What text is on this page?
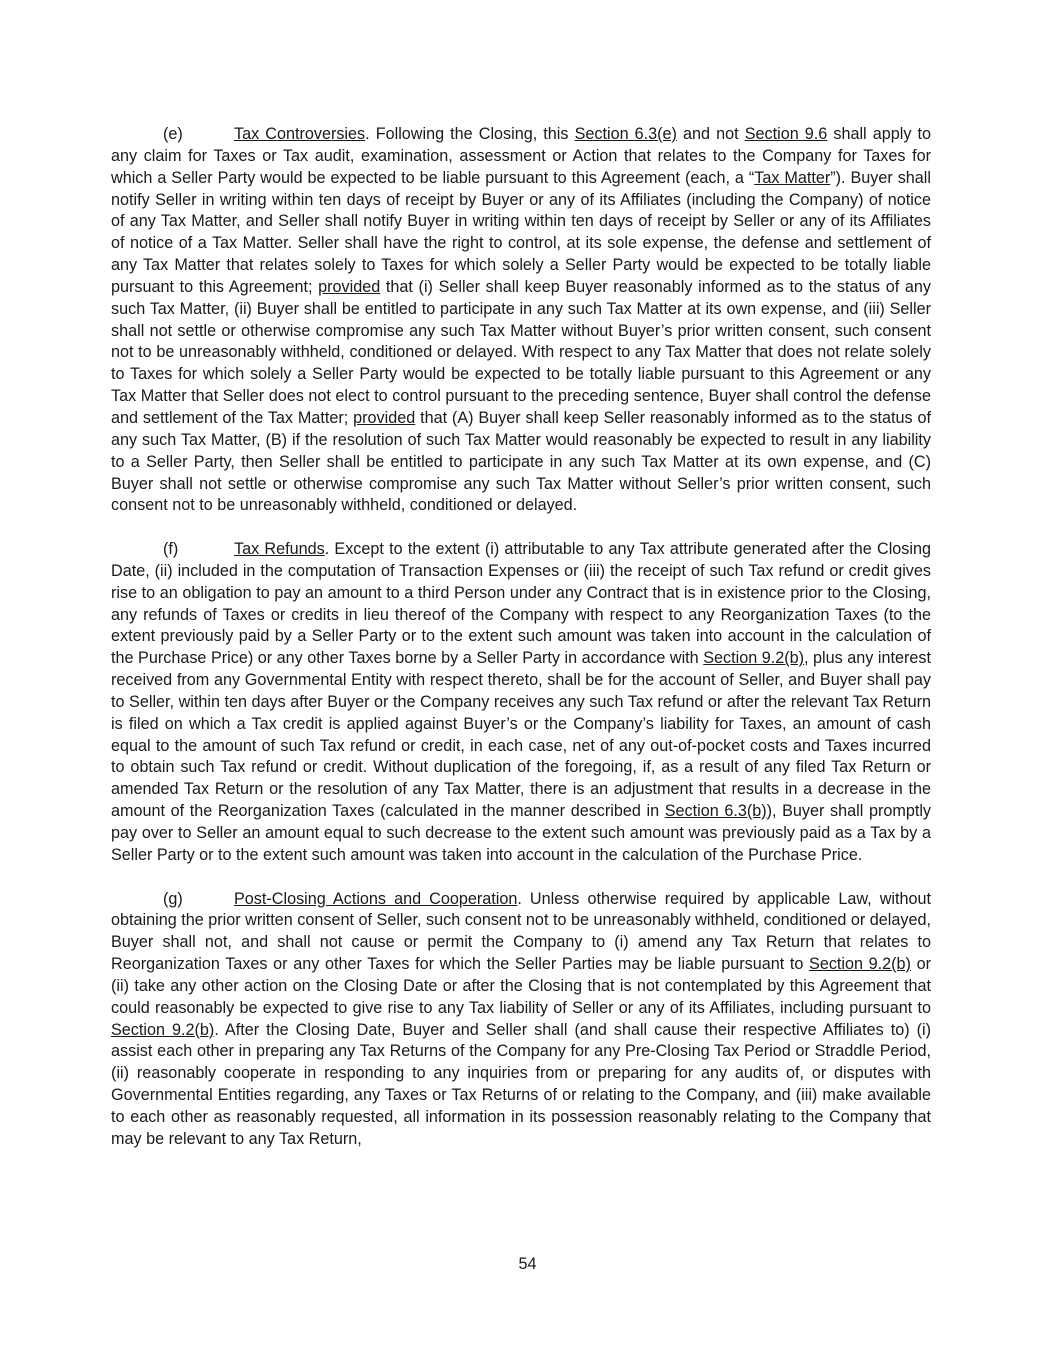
(e)	Tax Controversies. Following the Closing, this Section 6.3(e) and not Section 9.6 shall apply to any claim for Taxes or Tax audit, examination, assessment or Action that relates to the Company for Taxes for which a Seller Party would be expected to be liable pursuant to this Agreement (each, a “Tax Matter”). Buyer shall notify Seller in writing within ten days of receipt by Buyer or any of its Affiliates (including the Company) of notice of any Tax Matter, and Seller shall notify Buyer in writing within ten days of receipt by Seller or any of its Affiliates of notice of a Tax Matter. Seller shall have the right to control, at its sole expense, the defense and settlement of any Tax Matter that relates solely to Taxes for which solely a Seller Party would be expected to be totally liable pursuant to this Agreement; provided that (i) Seller shall keep Buyer reasonably informed as to the status of any such Tax Matter, (ii) Buyer shall be entitled to participate in any such Tax Matter at its own expense, and (iii) Seller shall not settle or otherwise compromise any such Tax Matter without Buyer’s prior written consent, such consent not to be unreasonably withheld, conditioned or delayed. With respect to any Tax Matter that does not relate solely to Taxes for which solely a Seller Party would be expected to be totally liable pursuant to this Agreement or any Tax Matter that Seller does not elect to control pursuant to the preceding sentence, Buyer shall control the defense and settlement of the Tax Matter; provided that (A) Buyer shall keep Seller reasonably informed as to the status of any such Tax Matter, (B) if the resolution of such Tax Matter would reasonably be expected to result in any liability to a Seller Party, then Seller shall be entitled to participate in any such Tax Matter at its own expense, and (C) Buyer shall not settle or otherwise compromise any such Tax Matter without Seller’s prior written consent, such consent not to be unreasonably withheld, conditioned or delayed.

(f)	Tax Refunds. Except to the extent (i) attributable to any Tax attribute generated after the Closing Date, (ii) included in the computation of Transaction Expenses or (iii) the receipt of such Tax refund or credit gives rise to an obligation to pay an amount to a third Person under any Contract that is in existence prior to the Closing, any refunds of Taxes or credits in lieu thereof of the Company with respect to any Reorganization Taxes (to the extent previously paid by a Seller Party or to the extent such amount was taken into account in the calculation of the Purchase Price) or any other Taxes borne by a Seller Party in accordance with Section 9.2(b), plus any interest received from any Governmental Entity with respect thereto, shall be for the account of Seller, and Buyer shall pay to Seller, within ten days after Buyer or the Company receives any such Tax refund or after the relevant Tax Return is filed on which a Tax credit is applied against Buyer’s or the Company’s liability for Taxes, an amount of cash equal to the amount of such Tax refund or credit, in each case, net of any out-of-pocket costs and Taxes incurred to obtain such Tax refund or credit. Without duplication of the foregoing, if, as a result of any filed Tax Return or amended Tax Return or the resolution of any Tax Matter, there is an adjustment that results in a decrease in the amount of the Reorganization Taxes (calculated in the manner described in Section 6.3(b)), Buyer shall promptly pay over to Seller an amount equal to such decrease to the extent such amount was previously paid as a Tax by a Seller Party or to the extent such amount was taken into account in the calculation of the Purchase Price.

(g)	Post-Closing Actions and Cooperation. Unless otherwise required by applicable Law, without obtaining the prior written consent of Seller, such consent not to be unreasonably withheld, conditioned or delayed, Buyer shall not, and shall not cause or permit the Company to (i) amend any Tax Return that relates to Reorganization Taxes or any other Taxes for which the Seller Parties may be liable pursuant to Section 9.2(b) or (ii) take any other action on the Closing Date or after the Closing that is not contemplated by this Agreement that could reasonably be expected to give rise to any Tax liability of Seller or any of its Affiliates, including pursuant to Section 9.2(b). After the Closing Date, Buyer and Seller shall (and shall cause their respective Affiliates to) (i) assist each other in preparing any Tax Returns of the Company for any Pre-Closing Tax Period or Straddle Period, (ii) reasonably cooperate in responding to any inquiries from or preparing for any audits of, or disputes with Governmental Entities regarding, any Taxes or Tax Returns of or relating to the Company, and (iii) make available to each other as reasonably requested, all information in its possession reasonably relating to the Company that may be relevant to any Tax Return,

54
